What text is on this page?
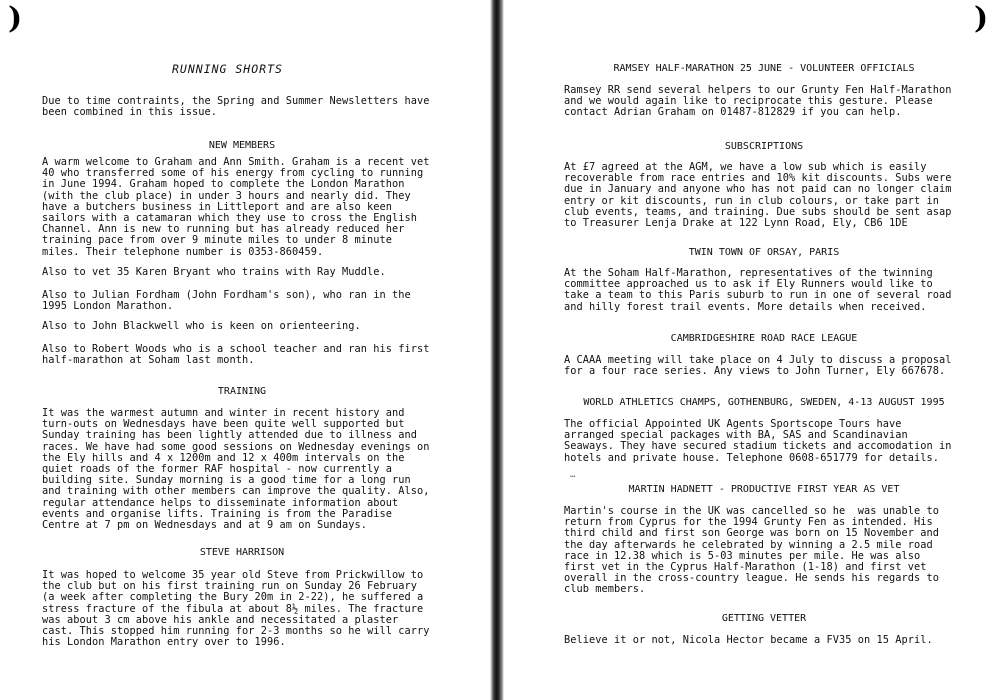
)	)
RUNNING SHORTS
Due to time contraints, the Spring and Summer Newsletters have
been combined in this issue.
NEW MEMBERS
A warm welcome to Graham and Ann Smith. Graham is a recent vet
40 who transferred some of his energy from cycling to running
in June 1994. Graham hoped to complete the London Marathon
(with the club place) in under 3 hours and nearly did. They
have a butchers business in Littleport and are also keen
sailors with a catamaran which they use to cross the English
Channel. Ann is new to running but has already reduced her
training pace from over 9 minute miles to under 8 minute
miles. Their telephone number is 0353-860459.
Also to vet 35 Karen Bryant who trains with Ray Muddle.
Also to Julian Fordham (John Fordham's son), who ran in the
1995 London Marathon.
Also to John Blackwell who is keen on orienteering.
Also to Robert Woods who is a school teacher and ran his first
half-marathon at Soham last month.
TRAINING
It was the warmest autumn and winter in recent history and
turn-outs on Wednesdays have been quite well supported but
Sunday training has been lightly attended due to illness and
races. We have had some good sessions on Wednesday evenings on
the Ely hills and 4 x 1200m and 12 x 400m intervals on the
quiet roads of the former RAF hospital - now currently a
building site. Sunday morning is a good time for a long run
and training with other members can improve the quality. Also,
regular attendance helps to disseminate information about
events and organise lifts. Training is from the Paradise
Centre at 7 pm on Wednesdays and at 9 am on Sundays.
STEVE HARRISON
It was hoped to welcome 35 year old Steve from Prickwillow to
the club but on his first training run on Sunday 26 February
(a week after completing the Bury 20m in 2-22), he suffered a
stress fracture of the fibula at about 8½ miles. The fracture
was about 3 cm above his ankle and necessitated a plaster
cast. This stopped him running for 2-3 months so he will carry
his London Marathon entry over to 1996.
RAMSEY HALF-MARATHON 25 JUNE - VOLUNTEER OFFICIALS
Ramsey RR send several helpers to our Grunty Fen Half-Marathon
and we would again like to reciprocate this gesture. Please
contact Adrian Graham on 01487-812829 if you can help.
SUBSCRIPTIONS
At £7 agreed at the AGM, we have a low sub which is easily
recoverable from race entries and 10% kit discounts. Subs were
due in January and anyone who has not paid can no longer claim
entry or kit discounts, run in club colours, or take part in
club events, teams, and training. Due subs should be sent asap
to Treasurer Lenja Drake at 122 Lynn Road, Ely, CB6 1DE
TWIN TOWN OF ORSAY, PARIS
At the Soham Half-Marathon, representatives of the twinning
committee approached us to ask if Ely Runners would like to
take a team to this Paris suburb to run in one of several road
and hilly forest trail events. More details when received.
CAMBRIDGESHIRE ROAD RACE LEAGUE
A CAAA meeting will take place on 4 July to discuss a proposal
for a four race series. Any views to John Turner, Ely 667678.
WORLD ATHLETICS CHAMPS, GOTHENBURG, SWEDEN, 4-13 AUGUST 1995
The official Appointed UK Agents Sportscope Tours have
arranged special packages with BA, SAS and Scandinavian
Seaways. They have secured stadium tickets and accomodation in
hotels and private house. Telephone 0608-651779 for details.
…
MARTIN HADNETT - PRODUCTIVE FIRST YEAR AS VET
Martin's course in the UK was cancelled so he  was unable to
return from Cyprus for the 1994 Grunty Fen as intended. His
third child and first son George was born on 15 November and
the day afterwards he celebrated by winning a 2.5 mile road
race in 12.38 which is 5-03 minutes per mile. He was also
first vet in the Cyprus Half-Marathon (1-18) and first vet
overall in the cross-country league. He sends his regards to
club members.
GETTING VETTER
Believe it or not, Nicola Hector became a FV35 on 15 April.
